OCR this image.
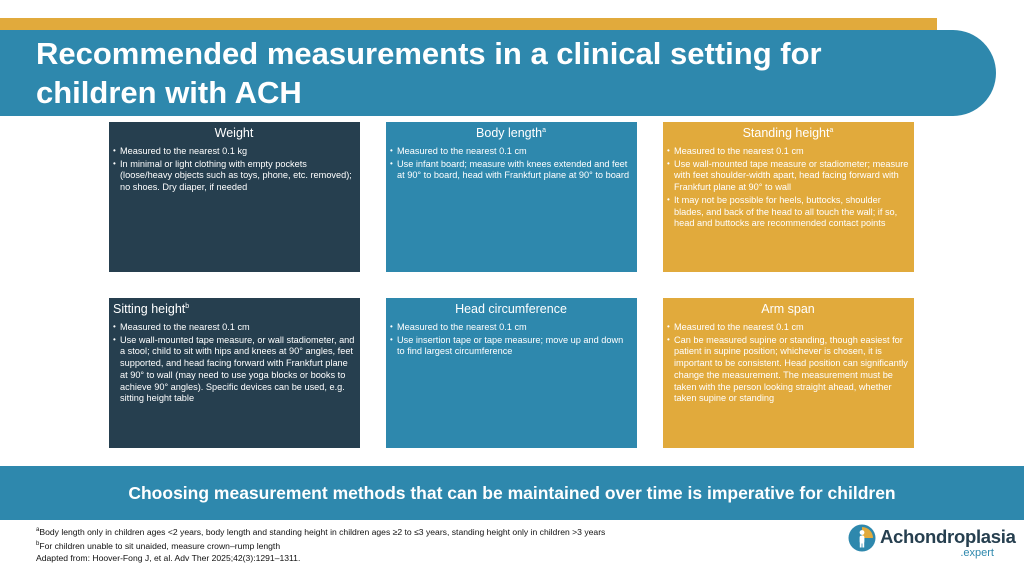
Recommended measurements in a clinical setting for children with ACH
Weight
• Measured to the nearest 0.1 kg
• In minimal or light clothing with empty pockets (loose/heavy objects such as toys, phone, etc. removed); no shoes. Dry diaper, if needed
Body length$^a$
• Measured to the nearest 0.1 cm
• Use infant board; measure with knees extended and feet at 90° to board, head with Frankfurt plane at 90° to board
Standing height$^a$
• Measured to the nearest 0.1 cm
• Use wall-mounted tape measure or stadiometer; measure with feet shoulder-width apart, head facing forward with Frankfurt plane at 90° to wall
• It may not be possible for heels, buttocks, shoulder blades, and back of the head to all touch the wall; if so, head and buttocks are recommended contact points
Sitting height$^b$
• Measured to the nearest 0.1 cm
• Use wall-mounted tape measure, or wall stadiometer, and a stool; child to sit with hips and knees at 90° angles, feet supported, and head facing forward with Frankfurt plane at 90° to wall (may need to use yoga blocks or books to achieve 90° angles). Specific devices can be used, e.g. sitting height table
Head circumference
• Measured to the nearest 0.1 cm
• Use insertion tape or tape measure; move up and down to find largest circumference
Arm span
• Measured to the nearest 0.1 cm
• Can be measured supine or standing, though easiest for patient in supine position; whichever is chosen, it is important to be consistent. Head position can significantly change the measurement. The measurement must be taken with the person looking straight ahead, whether taken supine or standing

Choosing measurement methods that can be maintained over time is imperative for children

$^a$Body length only in children ages <2 years, body length and standing height in children ages ≥2 to ≤3 years, standing height only in children >3 years
$^b$For children unable to sit unaided, measure crown–rump length
Adapted from: Hoover-Fong J, et al. Adv Ther 2025;42(3):1291–1311.
Achondroplasia
.expert
